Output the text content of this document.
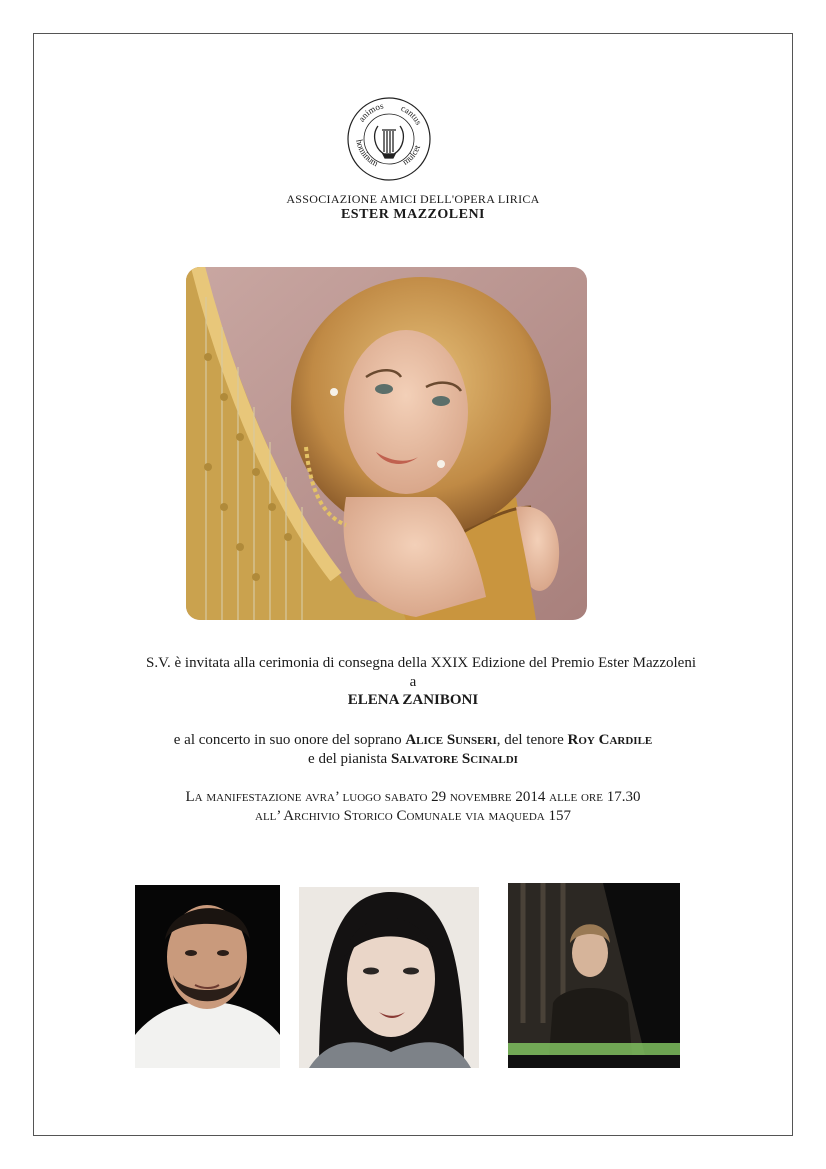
animos cantus
hominum mulcet
ASSOCIAZIONE AMICI DELL'OPERA LIRICA
ESTER MAZZOLENI
S.V. è invitata alla cerimonia di consegna della XXIX Edizione del Premio Ester Mazzoleni
a
ELENA ZANIBONI
e al concerto in suo onore del soprano Alice Sunseri, del tenore Roy Cardile
e del pianista Salvatore Scinaldi
La manifestazione avra’ luogo sabato 29 novembre 2014 alle ore 17.30
all’ Archivio Storico Comunale via maqueda 157
